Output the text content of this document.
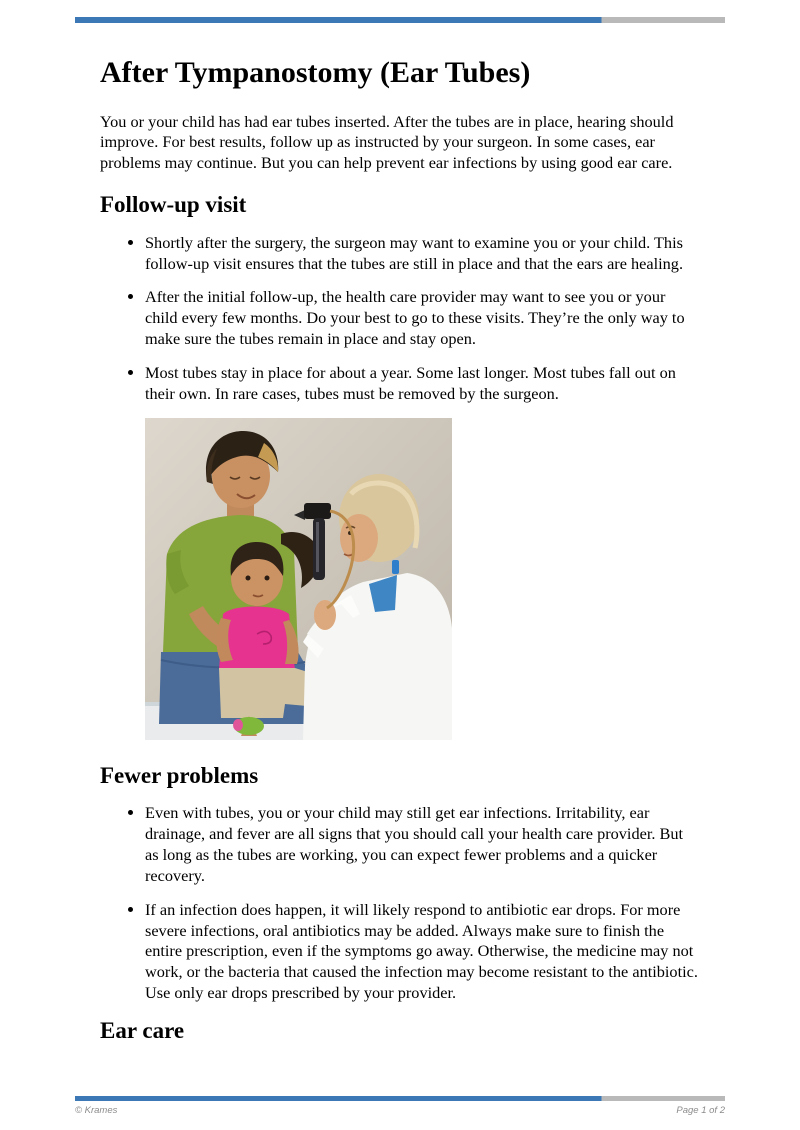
After Tympanostomy (Ear Tubes)

You or your child has had ear tubes inserted. After the tubes are in place, hearing should improve. For best results, follow up as instructed by your surgeon. In some cases, ear problems may continue. But you can help prevent ear infections by using good ear care.

Follow-up visit
• Shortly after the surgery, the surgeon may want to examine you or your child. This follow-up visit ensures that the tubes are still in place and that the ears are healing.
• After the initial follow-up, the health care provider may want to see you or your child every few months. Do your best to go to these visits. They’re the only way to make sure the tubes remain in place and stay open.
• Most tubes stay in place for about a year. Some last longer. Most tubes fall out on their own. In rare cases, tubes must be removed by the surgeon.
Fewer problems
• Even with tubes, you or your child may still get ear infections. Irritability, ear drainage, and fever are all signs that you should call your health care provider. But as long as the tubes are working, you can expect fewer problems and a quicker recovery.
• If an infection does happen, it will likely respond to antibiotic ear drops. For more severe infections, oral antibiotics may be added. Always make sure to finish the entire prescription, even if the symptoms go away. Otherwise, the medicine may not work, or the bacteria that caused the infection may become resistant to the antibiotic. Use only ear drops prescribed by your provider.
Ear care
© Krames	Page 1 of 2
